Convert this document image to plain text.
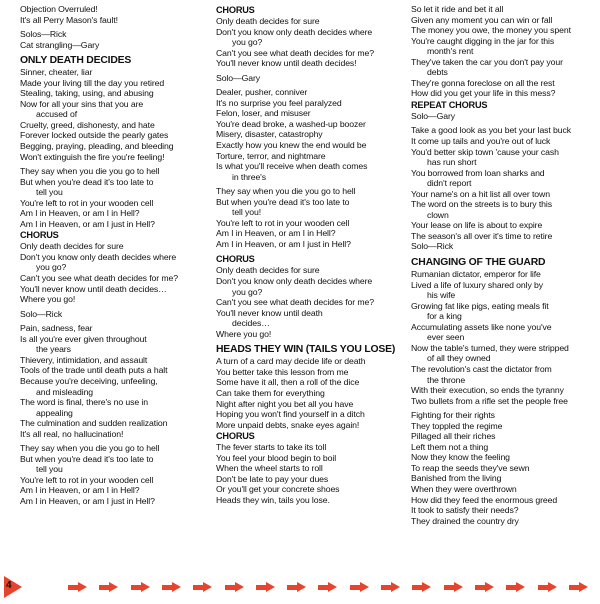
Objection Overruled!
It's all Perry Mason's fault!
Solos—Rick
Cat strangling—Gary
ONLY DEATH DECIDES
Sinner, cheater, liar
Made your living till the day you retired
Stealing, taking, using, and abusing
Now for all your sins that you are
accused of
Cruelty, greed, dishonesty, and hate
Forever locked outside the pearly gates
Begging, praying, pleading, and bleeding
Won't extinguish the fire you're feeling!
They say when you die you go to hell
But when you're dead it's too late to
tell you
You're left to rot in your wooden cell
Am I in Heaven, or am I in Hell?
Am I in Heaven, or am I just in Hell?
CHORUS
Only death decides for sure
Don't you know only death decides where
you go?
Can't you see what death decides for me?
You'll never know until death decides…
Where you go!
Solo—Rick
Pain, sadness, fear
Is all you're ever given throughout
the years
Thievery, intimidation, and assault
Tools of the trade until death puts a halt
Because you're deceiving, unfeeling,
and misleading
The word is final, there's no use in
appealing
The culmination and sudden realization
It's all real, no hallucination!
They say when you die you go to hell
But when you're dead it's too late to
tell you
You're left to rot in your wooden cell
Am I in Heaven, or am I in Hell?
Am I in Heaven, or am I just in Hell?
CHORUS
Only death decides for sure
Don't you know only death decides where
you go?
Can't you see what death decides for me?
You'll never know until death decides!
Solo—Gary
Dealer, pusher, conniver
It's no surprise you feel paralyzed
Felon, loser, and misuser
You're dead broke, a washed-up boozer
Misery, disaster, catastrophy
Exactly how you knew the end would be
Torture, terror, and nightmare
Is what you'll receive when death comes
in three's
They say when you die you go to hell
But when you're dead it's too late to
tell you!
You're left to rot in your wooden cell
Am I in Heaven, or am I in Hell?
Am I in Heaven, or am I just in Hell?
CHORUS
Only death decides for sure
Don't you know only death decides where
you go?
Can't you see what death decides for me?
You'll never know until death
decides…
Where you go!
HEADS THEY WIN (TAILS YOU LOSE)
A turn of a card may decide life or death
You better take this lesson from me
Some have it all, then a roll of the dice
Can take them for everything
Night after night you bet all you have
Hoping you won't find yourself in a ditch
More unpaid debts, snake eyes again!
CHORUS
The fever starts to take its toll
You feel your blood begin to boil
When the wheel starts to roll
Don't be late to pay your dues
Or you'll get your concrete shoes
Heads they win, tails you lose.
So let it ride and bet it all
Given any moment you can win or fall
The money you owe, the money you spent
You're caught digging in the jar for this
month's rent
They've taken the car you don't pay your
debts
They're gonna foreclose on all the rest
How did you get your life in this mess?
REPEAT CHORUS
Solo—Gary
Take a good look as you bet your last buck
It come up tails and you're out of luck
You'd better skip town 'cause your cash
has run short
You borrowed from loan sharks and
didn't report
Your name's on a hit list all over town
The word on the streets is to bury this
clown
Your lease on life is about to expire
The season's all over it's time to retire
Solo—Rick
CHANGING OF THE GUARD
Rumanian dictator, emperor for life
Lived a life of luxury shared only by
his wife
Growing fat like pigs, eating meals fit
for a king
Accumulating assets like none you've
ever seen
Now the table's turned, they were stripped
of all they owned
The revolution's cast the dictator from
the throne
With their execution, so ends the tyranny
Two bullets from a rifle set the people free
Fighting for their rights
They toppled the regime
Pillaged all their riches
Left them not a thing
Now they know the feeling
To reap the seeds they've sewn
Banished from the living
When they were overthrown
How did they feed the enormous greed
It took to satisfy their needs?
They drained the country dry
4
